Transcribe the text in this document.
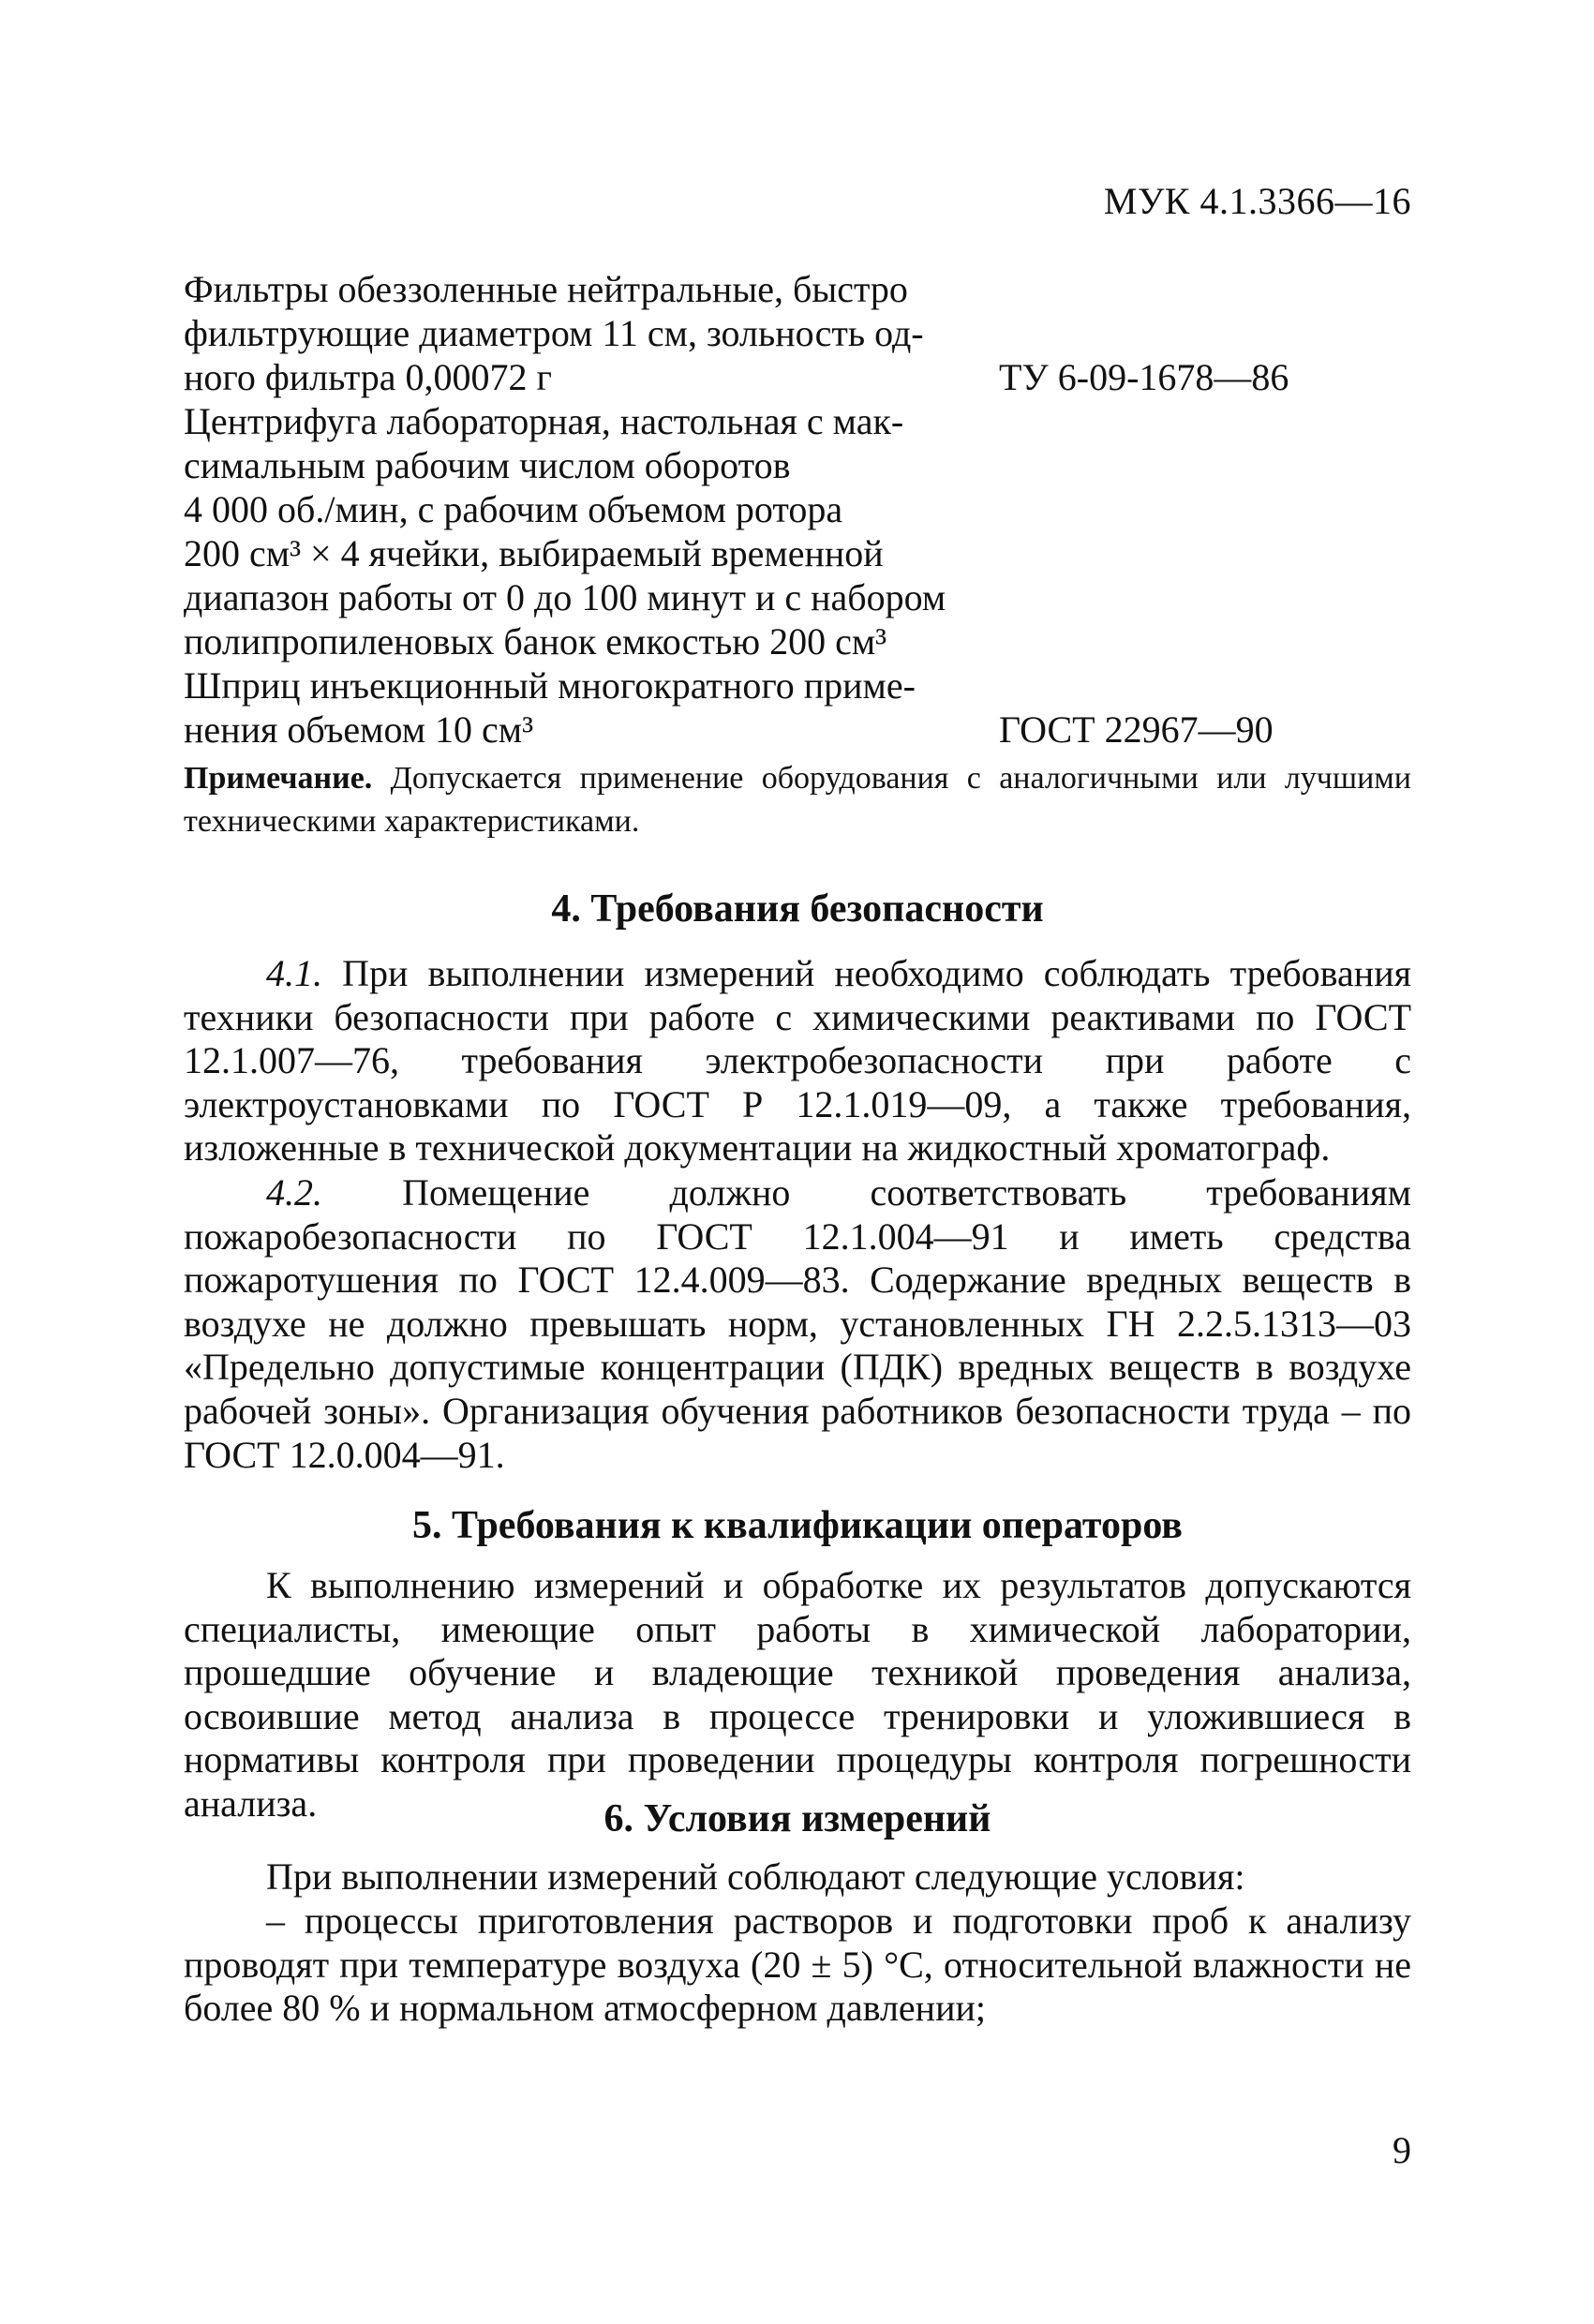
МУК 4.1.3366—16
Фильтры обеззоленные нейтральные, быстро
фильтрующие диаметром 11 см, зольность од-
ного фильтра 0,00072 г	ТУ 6-09-1678—86
Центрифуга лабораторная, настольная с мак-
симальным рабочим числом оборотов
4 000 об./мин, с рабочим объемом ротора
200 см³ × 4 ячейки, выбираемый временной
диапазон работы от 0 до 100 минут и с набором
полипропиленовых банок емкостью 200 см³
Шприц инъекционный многократного приме-
нения объемом 10 см³	ГОСТ 22967—90
Примечание. Допускается применение оборудования с аналогичными или лучшими техническими характеристиками.
4. Требования безопасности
4.1. При выполнении измерений необходимо соблюдать требования техники безопасности при работе с химическими реактивами по ГОСТ 12.1.007—76, требования электробезопасности при работе с электроустановками по ГОСТ Р 12.1.019—09, а также требования, изложенные в технической документации на жидкостный хроматограф.
4.2. Помещение должно соответствовать требованиям пожаробезопасности по ГОСТ 12.1.004—91 и иметь средства пожаротушения по ГОСТ 12.4.009—83. Содержание вредных веществ в воздухе не должно превышать норм, установленных ГН 2.2.5.1313—03 «Предельно допустимые концентрации (ПДК) вредных веществ в воздухе рабочей зоны». Организация обучения работников безопасности труда – по ГОСТ 12.0.004—91.
5. Требования к квалификации операторов
К выполнению измерений и обработке их результатов допускаются специалисты, имеющие опыт работы в химической лаборатории, прошедшие обучение и владеющие техникой проведения анализа, освоившие метод анализа в процессе тренировки и уложившиеся в нормативы контроля при проведении процедуры контроля погрешности анализа.	6. Условия измерений
При выполнении измерений соблюдают следующие условия:
– процессы приготовления растворов и подготовки проб к анализу проводят при температуре воздуха (20 ± 5) °С, относительной влажности не более 80 % и нормальном атмосферном давлении;
9
